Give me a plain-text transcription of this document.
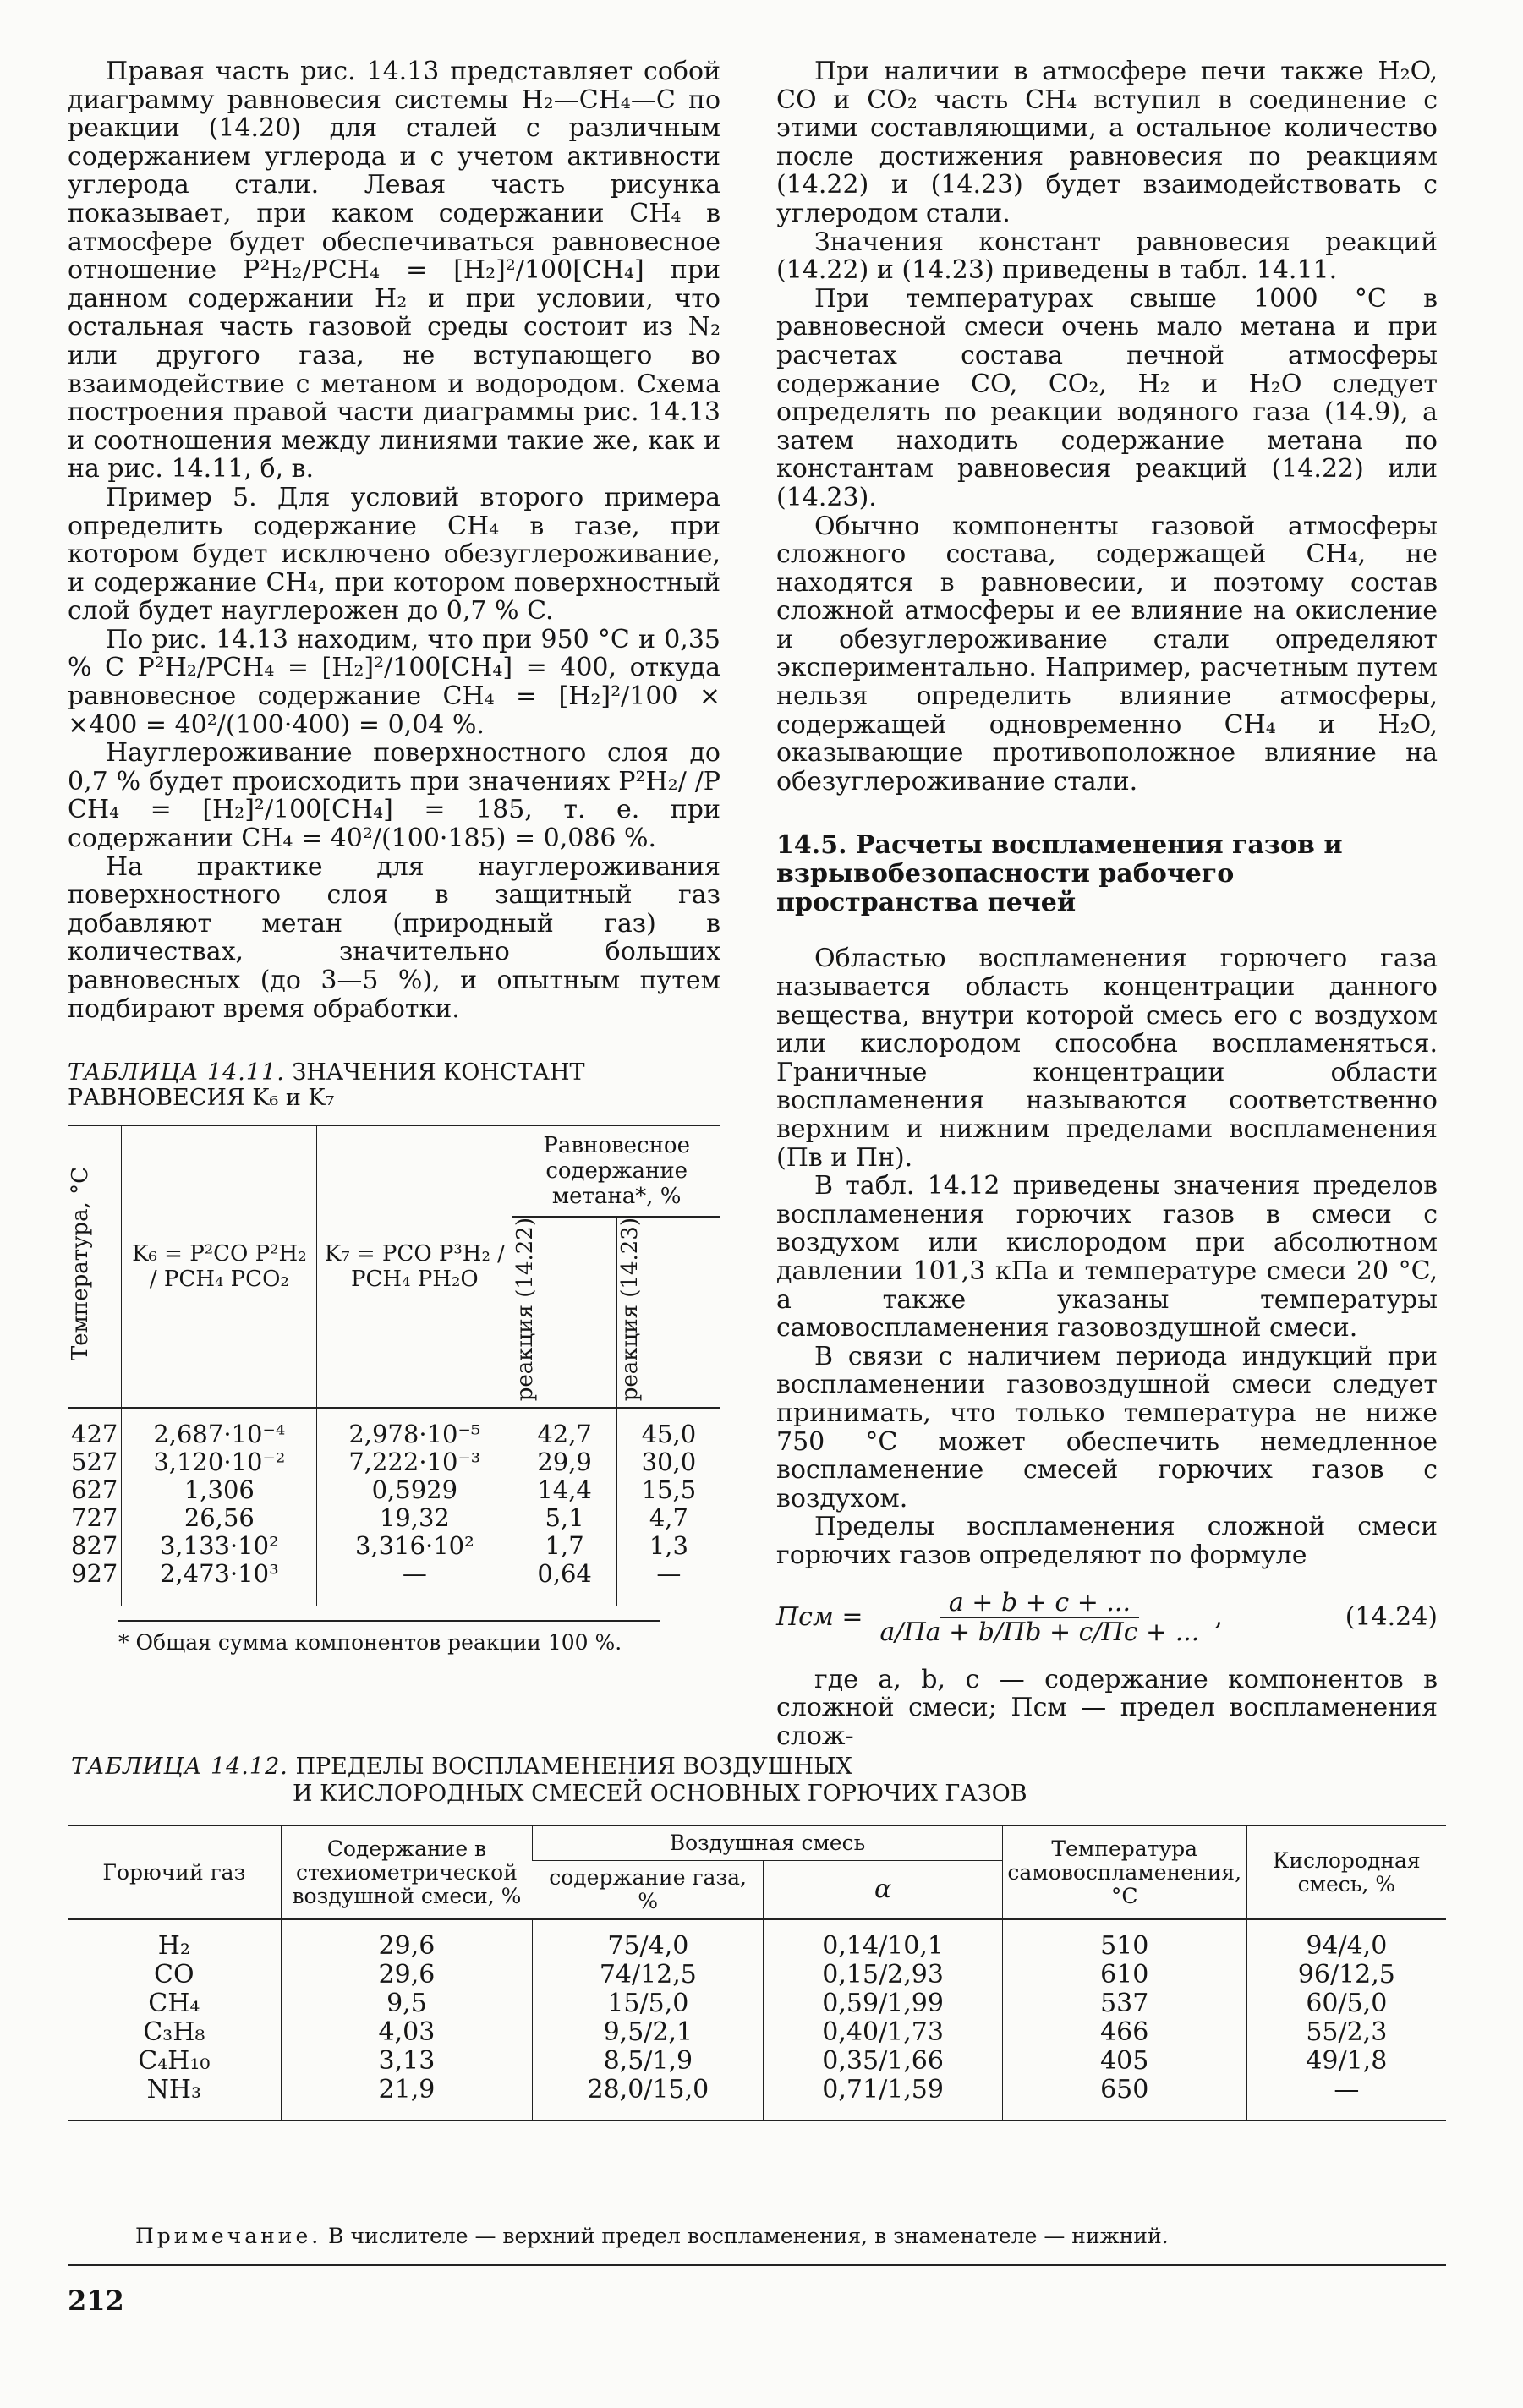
Правая часть рис. 14.13 представляет собой диаграмму равновесия системы H₂—CH₄—C по реакции (14.20) для сталей с различным содержанием углерода и с учетом активности углерода стали. Левая часть рисунка показывает, при каком содержании CH₄ в атмосфере будет обеспечиваться равновесное отношение P²H₂/PCH₄ = [H₂]²/100[CH₄] при данном содержании H₂ и при условии, что остальная часть газовой среды состоит из N₂ или другого газа, не вступающего во взаимодействие с метаном и водородом. Схема построения правой части диаграммы рис. 14.13 и соотношения между линиями такие же, как и на рис. 14.11, б, в.

Пример 5. Для условий второго примера определить содержание CH₄ в газе, при котором будет исключено обезуглероживание, и содержание CH₄, при котором поверхностный слой будет науглерожен до 0,7 % C.

По рис. 14.13 находим, что при 950 °C и 0,35 % C P²H₂/PCH₄ = [H₂]²/100[CH₄] = 400, откуда равновесное содержание CH₄ = [H₂]²/100 × ×400 = 40²/(100·400) = 0,04 %.

Науглероживание поверхностного слоя до 0,7 % будет происходить при значениях P²H₂/ /P CH₄ = [H₂]²/100[CH₄] = 185, т. е. при содержании CH₄ = 40²/(100·185) = 0,086 %.

На практике для науглероживания поверхностного слоя в защитный газ добавляют метан (природный газ) в количествах, значительно больших равновесных (до 3—5 %), и опытным путем подбирают время обработки.

ТАБЛИЦА 14.11. ЗНАЧЕНИЯ КОНСТАНТ РАВНОВЕСИЯ K₆ и K₇
Температура, °C	K₆ = P²CO P²H₂ / PCH₄ PCO₂	K₇ = PCO P³H₂ / PCH₄ PH₂O	Равновесное содержание метана*, %	

			реакция (14.22)	реакция (14.23)
427	2,687·10⁻⁴	2,978·10⁻⁵	42,7	45,0
527	3,120·10⁻²	7,222·10⁻³	29,9	30,0
627	1,306	0,5929	14,4	15,5
727	26,56	19,32	5,1	4,7
827	3,133·10²	3,316·10²	1,7	1,3
927	2,473·10³	—	0,64	—
* Общая сумма компонентов реакции 100 %.

При наличии в атмосфере печи также H₂O, CO и CO₂ часть CH₄ вступил в соединение с этими составляющими, а остальное количество после достижения равновесия по реакциям (14.22) и (14.23) будет взаимодействовать с углеродом стали.

Значения констант равновесия реакций (14.22) и (14.23) приведены в табл. 14.11.

При температурах свыше 1000 °C в равновесной смеси очень мало метана и при расчетах состава печной атмосферы содержание CO, CO₂, H₂ и H₂O следует определять по реакции водяного газа (14.9), а затем находить содержание метана по константам равновесия реакций (14.22) или (14.23).

Обычно компоненты газовой атмосферы сложного состава, содержащей CH₄, не находятся в равновесии, и поэтому состав сложной атмосферы и ее влияние на окисление и обезуглероживание стали определяют экспериментально. Например, расчетным путем нельзя определить влияние атмосферы, содержащей одновременно CH₄ и H₂O, оказывающие противоположное влияние на обезуглероживание стали.

14.5. Расчеты воспламенения газов и взрывобезопасности рабочего пространства печей

Областью воспламенения горючего газа называется область концентрации данного вещества, внутри которой смесь его с воздухом или кислородом способна воспламеняться. Граничные концентрации области воспламенения называются соответственно верхним и нижним пределами воспламенения (Пв и Пн).

В табл. 14.12 приведены значения пределов воспламенения горючих газов в смеси с воздухом или кислородом при абсолютном давлении 101,3 кПа и температуре смеси 20 °C, а также указаны температуры самовоспламенения газовоздушной смеси.

В связи с наличием периода индукций при воспламенении газовоздушной смеси следует принимать, что только температура не ниже 750 °C может обеспечить немедленное воспламенение смесей горючих газов с воздухом.

Пределы воспламенения сложной смеси горючих газов определяют по формуле

Псм =
a + b + c + ...
a/Пa + b/Пb + c/Пc + ...
,	(14.24)

где a, b, c — содержание компонентов в сложной смеси; Псм — предел воспламенения слож-

ТАБЛИЦА 14.12. ПРЕДЕЛЫ ВОСПЛАМЕНЕНИЯ ВОЗДУШНЫХ
И КИСЛОРОДНЫХ СМЕСЕЙ ОСНОВНЫХ ГОРЮЧИХ ГАЗОВ
Горючий газ	Содержание в стехиометрической воздушной смеси, %	Воздушная смесь		Температура самовоспламенения, °C	Кислородная смесь, %
		содержание газа, %	α		
H₂	29,6	75/4,0	0,14/10,1	510	94/4,0
CO	29,6	74/12,5	0,15/2,93	610	96/12,5
CH₄	9,5	15/5,0	0,59/1,99	537	60/5,0
C₃H₈	4,03	9,5/2,1	0,40/1,73	466	55/2,3
C₄H₁₀	3,13	8,5/1,9	0,35/1,66	405	49/1,8
NH₃	21,9	28,0/15,0	0,71/1,59	650	—
Примечание. В числителе — верхний предел воспламенения, в знаменателе — нижний.
212
